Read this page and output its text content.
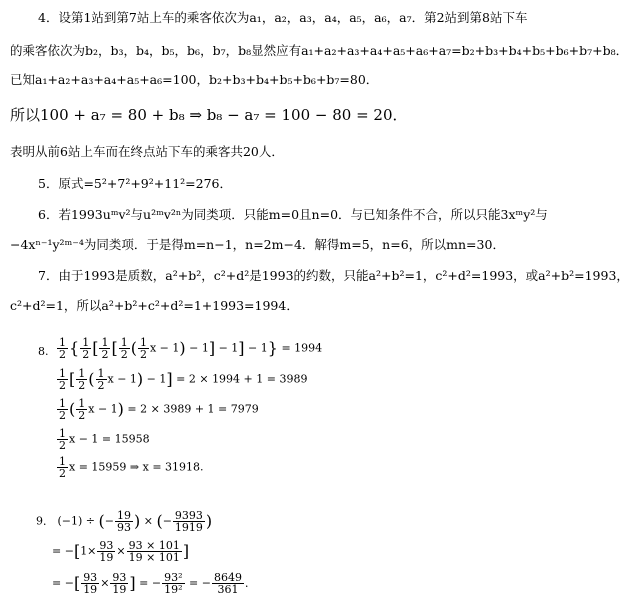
4．设第1站到第7站上车的乘客依次为a₁，a₂，a₃，a₄，a₅，a₆，a₇．第2站到第8站下车
的乘客依次为b₂，b₃，b₄，b₅，b₆，b₇，b₈显然应有a₁+a₂+a₃+a₄+a₅+a₆+a₇=b₂+b₃+b₄+b₅+b₆+b₇+b₈．
已知a₁+a₂+a₃+a₄+a₅+a₆=100，b₂+b₃+b₄+b₅+b₆+b₇=80．
所以100 + a₇ = 80 + b₈ ⇒ b₈ − a₇ = 100 − 80 = 20．
表明从前6站上车而在终点站下车的乘客共20人．
5．原式=5²+7²+9²+11²=276．
6．若1993uᵐv²与u²ᵐv²ⁿ为同类项．只能m=0且n=0．与已知条件不合，所以只能3xᵐy²与
−4xⁿ⁻¹y²ᵐ⁻⁴为同类项．于是得m=n−1，n=2m−4．解得m=5，n=6，所以mn=30．
7．由于1993是质数，a²+b²，c²+d²是1993的约数，只能a²+b²=1，c²+d²=1993，或a²+b²=1993，
c²+d²=1，所以a²+b²+c²+d²=1+1993=1994．
8. $\frac{1}{2}$ { $\frac{1}{2}$ [ $\frac{1}{2}$ [ $\frac{1}{2}$ ( $\frac{1}{2}$ x − 1) − 1] − 1] − 1} = 1994
$\frac{1}{2}$ [ $\frac{1}{2}$ ( $\frac{1}{2}$ x − 1) − 1] = 2 × 1994 + 1 = 3989
$\frac{1}{2}$ ( $\frac{1}{2}$ x − 1) = 2 × 3989 + 1 = 7979
$\frac{1}{2}$ x − 1 = 15958
$\frac{1}{2}$ x = 15959 ⇒ x = 31918.
9． (−1) ÷ (− $\frac{19}{93}$ ) × (− $\frac{9393}{1919}$ )
= $-[1\times \frac{93}{19} \times \frac{93 \times 101}{19 \times 101}$ ]
= −[ $\frac{93}{19} \times \frac{93}{19}$ ] = − $\frac{\text{93²}}{\text{19²}}$ = − $\frac{8649}{361}$ ．
